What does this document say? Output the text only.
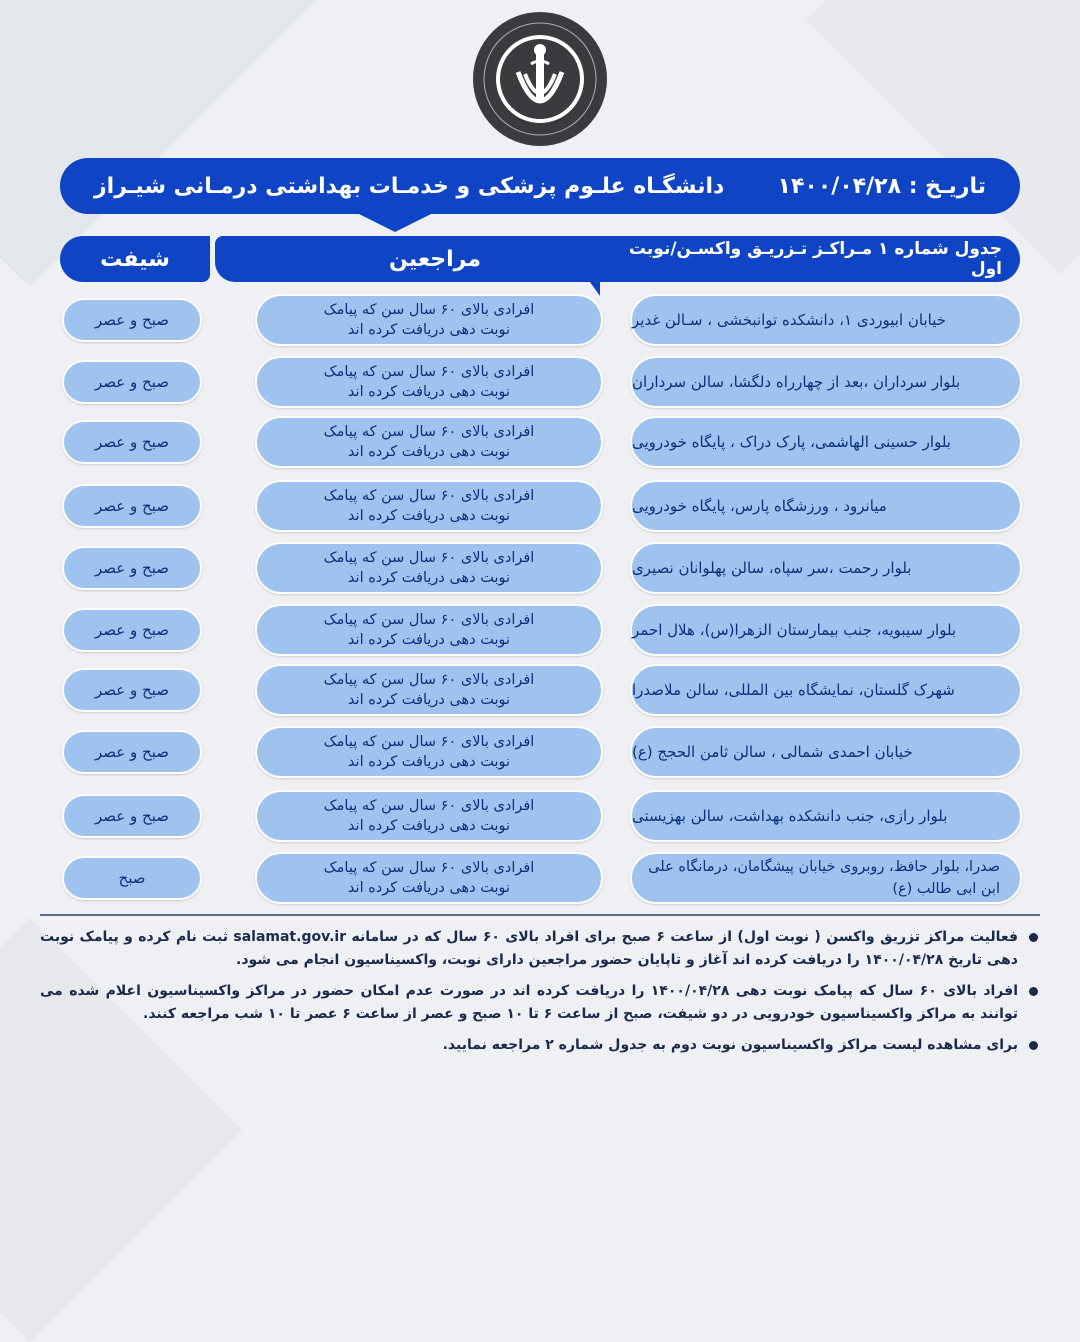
تاریـخ : ۱۴۰۰/۰۴/۲۸
دانشگـاه علـوم پزشکی و خدمـات بهداشتی درمـانی شیـراز
شیفت	مراجعین	جدول شماره ۱ مـراکـز تـزریـق واکسـن/نوبت اول
خیابان ابیوردی ۱، دانشکده توانبخشی ، سـالن غدیر
افرادی بالای ۶۰ سال سن که پیامک
نوبت دهی دریافت کرده اند
صبح و عصر
بلوار سرداران ،بعد از چهارراه دلگشا، سالن سرداران
افرادی بالای ۶۰ سال سن که پیامک
نوبت دهی دریافت کرده اند
صبح و عصر
بلوار حسینی الهاشمی، پارک دراک ، پایگاه خودرویی
افرادی بالای ۶۰ سال سن که پیامک
نوبت دهی دریافت کرده اند
صبح و عصر
میانرود ، ورزشگاه پارس، پایگاه خودرویی
افرادی بالای ۶۰ سال سن که پیامک
نوبت دهی دریافت کرده اند
صبح و عصر
بلوار رحمت ،سر سپاه، سالن پهلوانان نصیری
افرادی بالای ۶۰ سال سن که پیامک
نوبت دهی دریافت کرده اند
صبح و عصر
بلوار سیبویه، جنب بیمارستان الزهرا(س)، هلال احمر
افرادی بالای ۶۰ سال سن که پیامک
نوبت دهی دریافت کرده اند
صبح و عصر
شهرک گلستان، نمایشگاه بین المللی، سالن ملاصدرا
افرادی بالای ۶۰ سال سن که پیامک
نوبت دهی دریافت کرده اند
صبح و عصر
خیابان احمدی شمالی ، سالن ثامن الحجج (ع)
افرادی بالای ۶۰ سال سن که پیامک
نوبت دهی دریافت کرده اند
صبح و عصر
بلوار رازی، جنب دانشکده بهداشت، سالن بهزیستی
افرادی بالای ۶۰ سال سن که پیامک
نوبت دهی دریافت کرده اند
صبح و عصر
صدرا، بلوار حافظ، روبروی خیابان پیشگامان، درمانگاه علی ابن ابی طالب (ع)
افرادی بالای ۶۰ سال سن که پیامک
نوبت دهی دریافت کرده اند
صبح
فعالیت مراکز تزریق واکسن ( نوبت اول) از ساعت ۶ صبح برای افراد بالای ۶۰ سال که در سامانه salamat.gov.ir ثبت نام کرده و پیامک نوبت دهی تاریخ ۱۴۰۰/۰۴/۲۸ را دریافت کرده اند آغاز و تاپایان حضور مراجعین دارای نوبت، واکسیناسیون انجام می شود.
افراد بالای ۶۰ سال که پیامک نوبت دهی ۱۴۰۰/۰۴/۲۸ را دریافت کرده اند در صورت عدم امکان حضور در مراکز واکسیناسیون اعلام شده می توانند به مراکز واکسیناسیون خودرویی در دو شیفت، صبح از ساعت ۶ تا ۱۰ صبح و عصر از ساعت ۶ عصر تا ۱۰ شب مراجعه کنند.
برای مشاهده لیست مراکز واکسیناسیون نوبت دوم به جدول شماره ۲ مراجعه نمایید.
